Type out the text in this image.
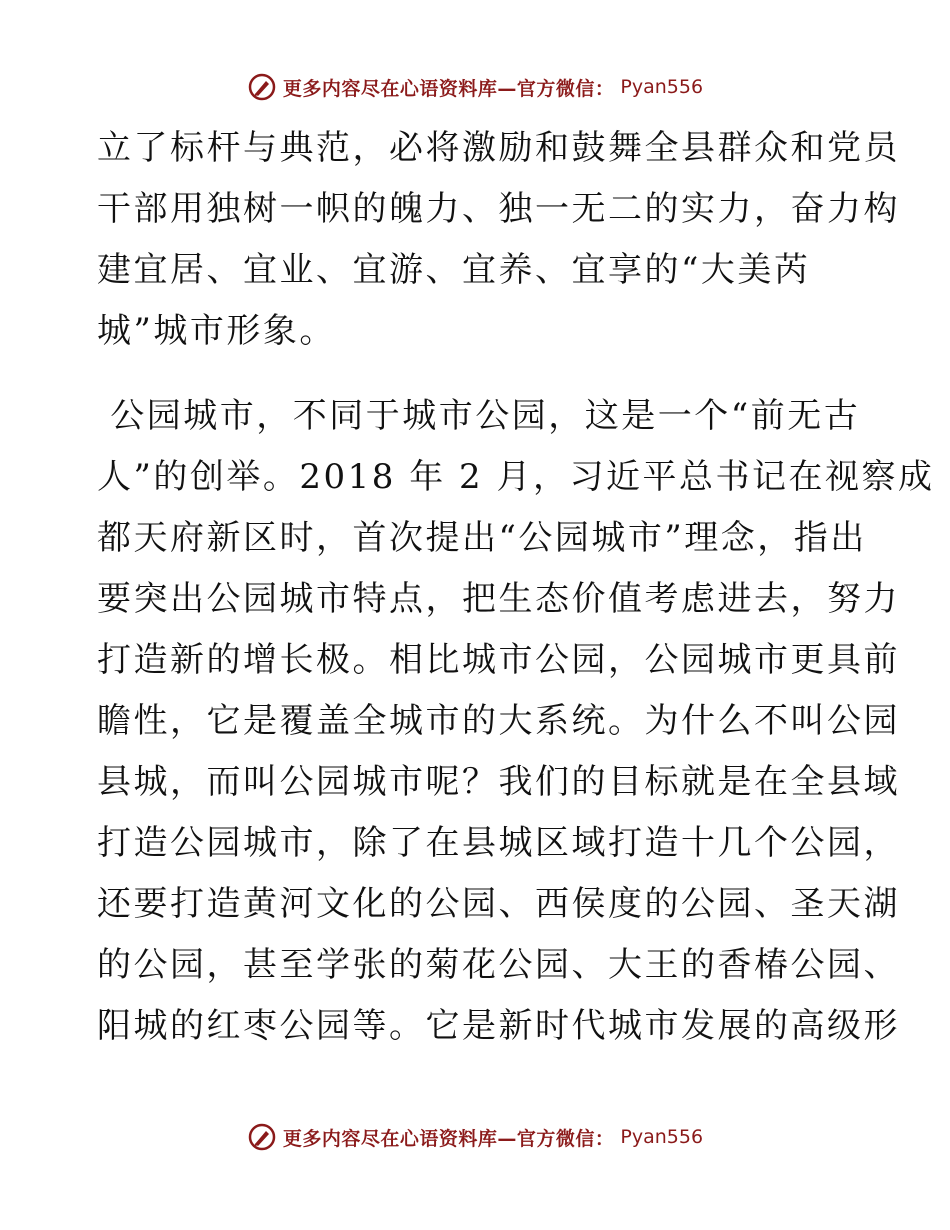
更多内容尽在心语资料库—官方微信： Pyan556
立了标杆与典范，必将激励和鼓舞全县群众和党员
干部用独树一帜的魄力、独一无二的实力，奋力构
建宜居、宜业、宜游、宜养、宜享的“大美芮
城”城市形象。
公园城市，不同于城市公园，这是一个“前无古
人”的创举。2018 年 2 月，习近平总书记在视察成
都天府新区时，首次提出“公园城市”理念，指出
要突出公园城市特点，把生态价值考虑进去，努力
打造新的增长极。相比城市公园，公园城市更具前
瞻性，它是覆盖全城市的大系统。为什么不叫公园
县城，而叫公园城市呢？我们的目标就是在全县域
打造公园城市，除了在县城区域打造十几个公园，
还要打造黄河文化的公园、西侯度的公园、圣天湖
的公园，甚至学张的菊花公园、大王的香椿公园、
阳城的红枣公园等。它是新时代城市发展的高级形
更多内容尽在心语资料库—官方微信： Pyan556
